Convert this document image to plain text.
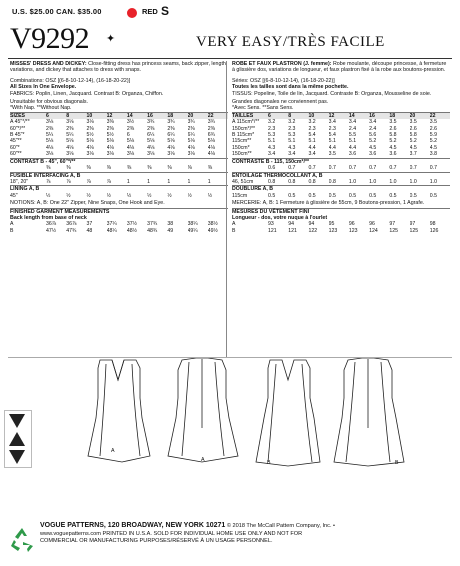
U.S. $25.00 CAN. $35.00	RED S
V9292 ✦	VERY EASY/TRÈS FACILE

MISSES' DRESS AND DICKEY: Close-fitting dress has princess seams, back zipper, length variations, and dickey that attaches to dress with snaps.

Combinations: OSZ [(6-8-10-12-14), (16-18-20-22)]

All Sizes In One Envelope.

FABRICS: Poplin, Linen, Jacquard. Contrast B: Organza, Chiffon.

Unsuitable for obvious diagonals.

*With Nap. **Without Nap.

SIZES	6	8	10	12	14	16	18	20	22
A 45"*/**	3⅛	3⅛	3⅛	3⅜	3½	3¾	3¾	3¾	3¾
60"*/**	2⅜	2⅜	2⅜	2⅜	2⅜	2⅜	2⅜	2⅜	2⅜
B 45"*	5¼	5¼	5½	5½	6	6¼	6¼	6¼	6¾
45"**	5⅛	5⅛	5⅛	5⅛	5⅛	5⅛	5⅛	5⅛	5⅛
60"*	4⅛	4⅛	4⅛	4⅛	4⅛	4⅛	4⅛	4⅛	4⅛
60"**	3⅛	3⅛	3⅛	3⅛	3⅛	3⅛	3⅛	3⅛	4⅛
CONTRAST B - 45", 60"*/**									
	⅜	⅜	⅜	⅜	⅜	⅜	⅜	⅜	⅜
FUSIBLE INTERFACING A, B									
18", 20"	⅞	⅞	⅞	⅞	1	1	1	1	1
LINING A, B									
45"	½	½	½	½	½	½	½	½	½

NOTIONS: A, B: One 22" Zipper, Nine Snaps, One Hook and Eye.

FINISHED GARMENT MEASUREMENTS

Back length from base of neck

A	36⅞	36⅞	37	37¼	37½	37¾	38	38¼	38½
B	47½	47¾	48	48¼	48½	48¾	49	49¼	49½

ROBE ET FAUX PLASTRON (J. femme): Robe moulante, découpe princesse, à fermeture à glissière dos, variations de longueur, et faux plastron fixé à la robe aux boutons-pression.

Séries: OSZ [(6-8-10-12-14), (16-18-20-22)]

Toutes les tailles sont dans la même pochette.

TISSUS: Popeline, Toile de lin, Jacquard. Contraste B: Organza, Mousseline de soie.

Grandes diagonales ne conviennent pas.

*Avec Sens. **Sans Sens.

TAILLES	6	8	10	12	14	16	18	20	22
A 115cm*/**	3.2	3.2	3.2	3.4	3.4	3.4	3.5	3.5	3.5
150cm*/**	2.3	2.3	2.3	2.3	2.4	2.4	2.6	2.6	2.6
B 115cm*	5.3	5.3	5.4	5.4	5.5	5.6	5.8	5.8	5.9
115cm**	5.1	5.1	5.1	5.1	5.1	5.2	5.2	5.2	5.2
150cm*	4.3	4.3	4.4	4.4	4.4	4.5	4.5	4.5	4.5
150cm**	3.4	3.4	3.4	3.5	3.6	3.6	3.6	3.7	3.8
CONTRASTE B - 115, 150cm*/**									
	0.6	0.7	0.7	0.7	0.7	0.7	0.7	0.7	0.7
ENTOILAGE THERMOCOLLANT A, B									
46, 51cm	0.8	0.8	0.8	0.8	1.0	1.0	1.0	1.0	1.0
DOUBLURE A, B									
115cm	0.5	0.5	0.5	0.5	0.5	0.5	0.5	0.5	0.5

MERCERIE: A, B: 1 Fermeture à glissière de 55cm, 9 Boutons-pression, 1 Agrafe.

MESURES DU VÊTEMENT FINI

Longueur - dos, votre nuque à l'ourlet

A	93	94	94	95	96	96	97	97	98
B	121	121	122	123	123	124	125	125	126
A
A	B	B
VOGUE PATTERNS, 120 BROADWAY, NEW YORK 10271 © 2018 The McCall Pattern Company, Inc. •
www.voguepatterns.com PRINTED IN U.S.A. SOLD FOR INDIVIDUAL HOME USE ONLY AND NOT FOR
COMMERCIAL OR MANUFACTURING PURPOSES/RÉSERVÉ À UN USAGE PERSONNEL.
